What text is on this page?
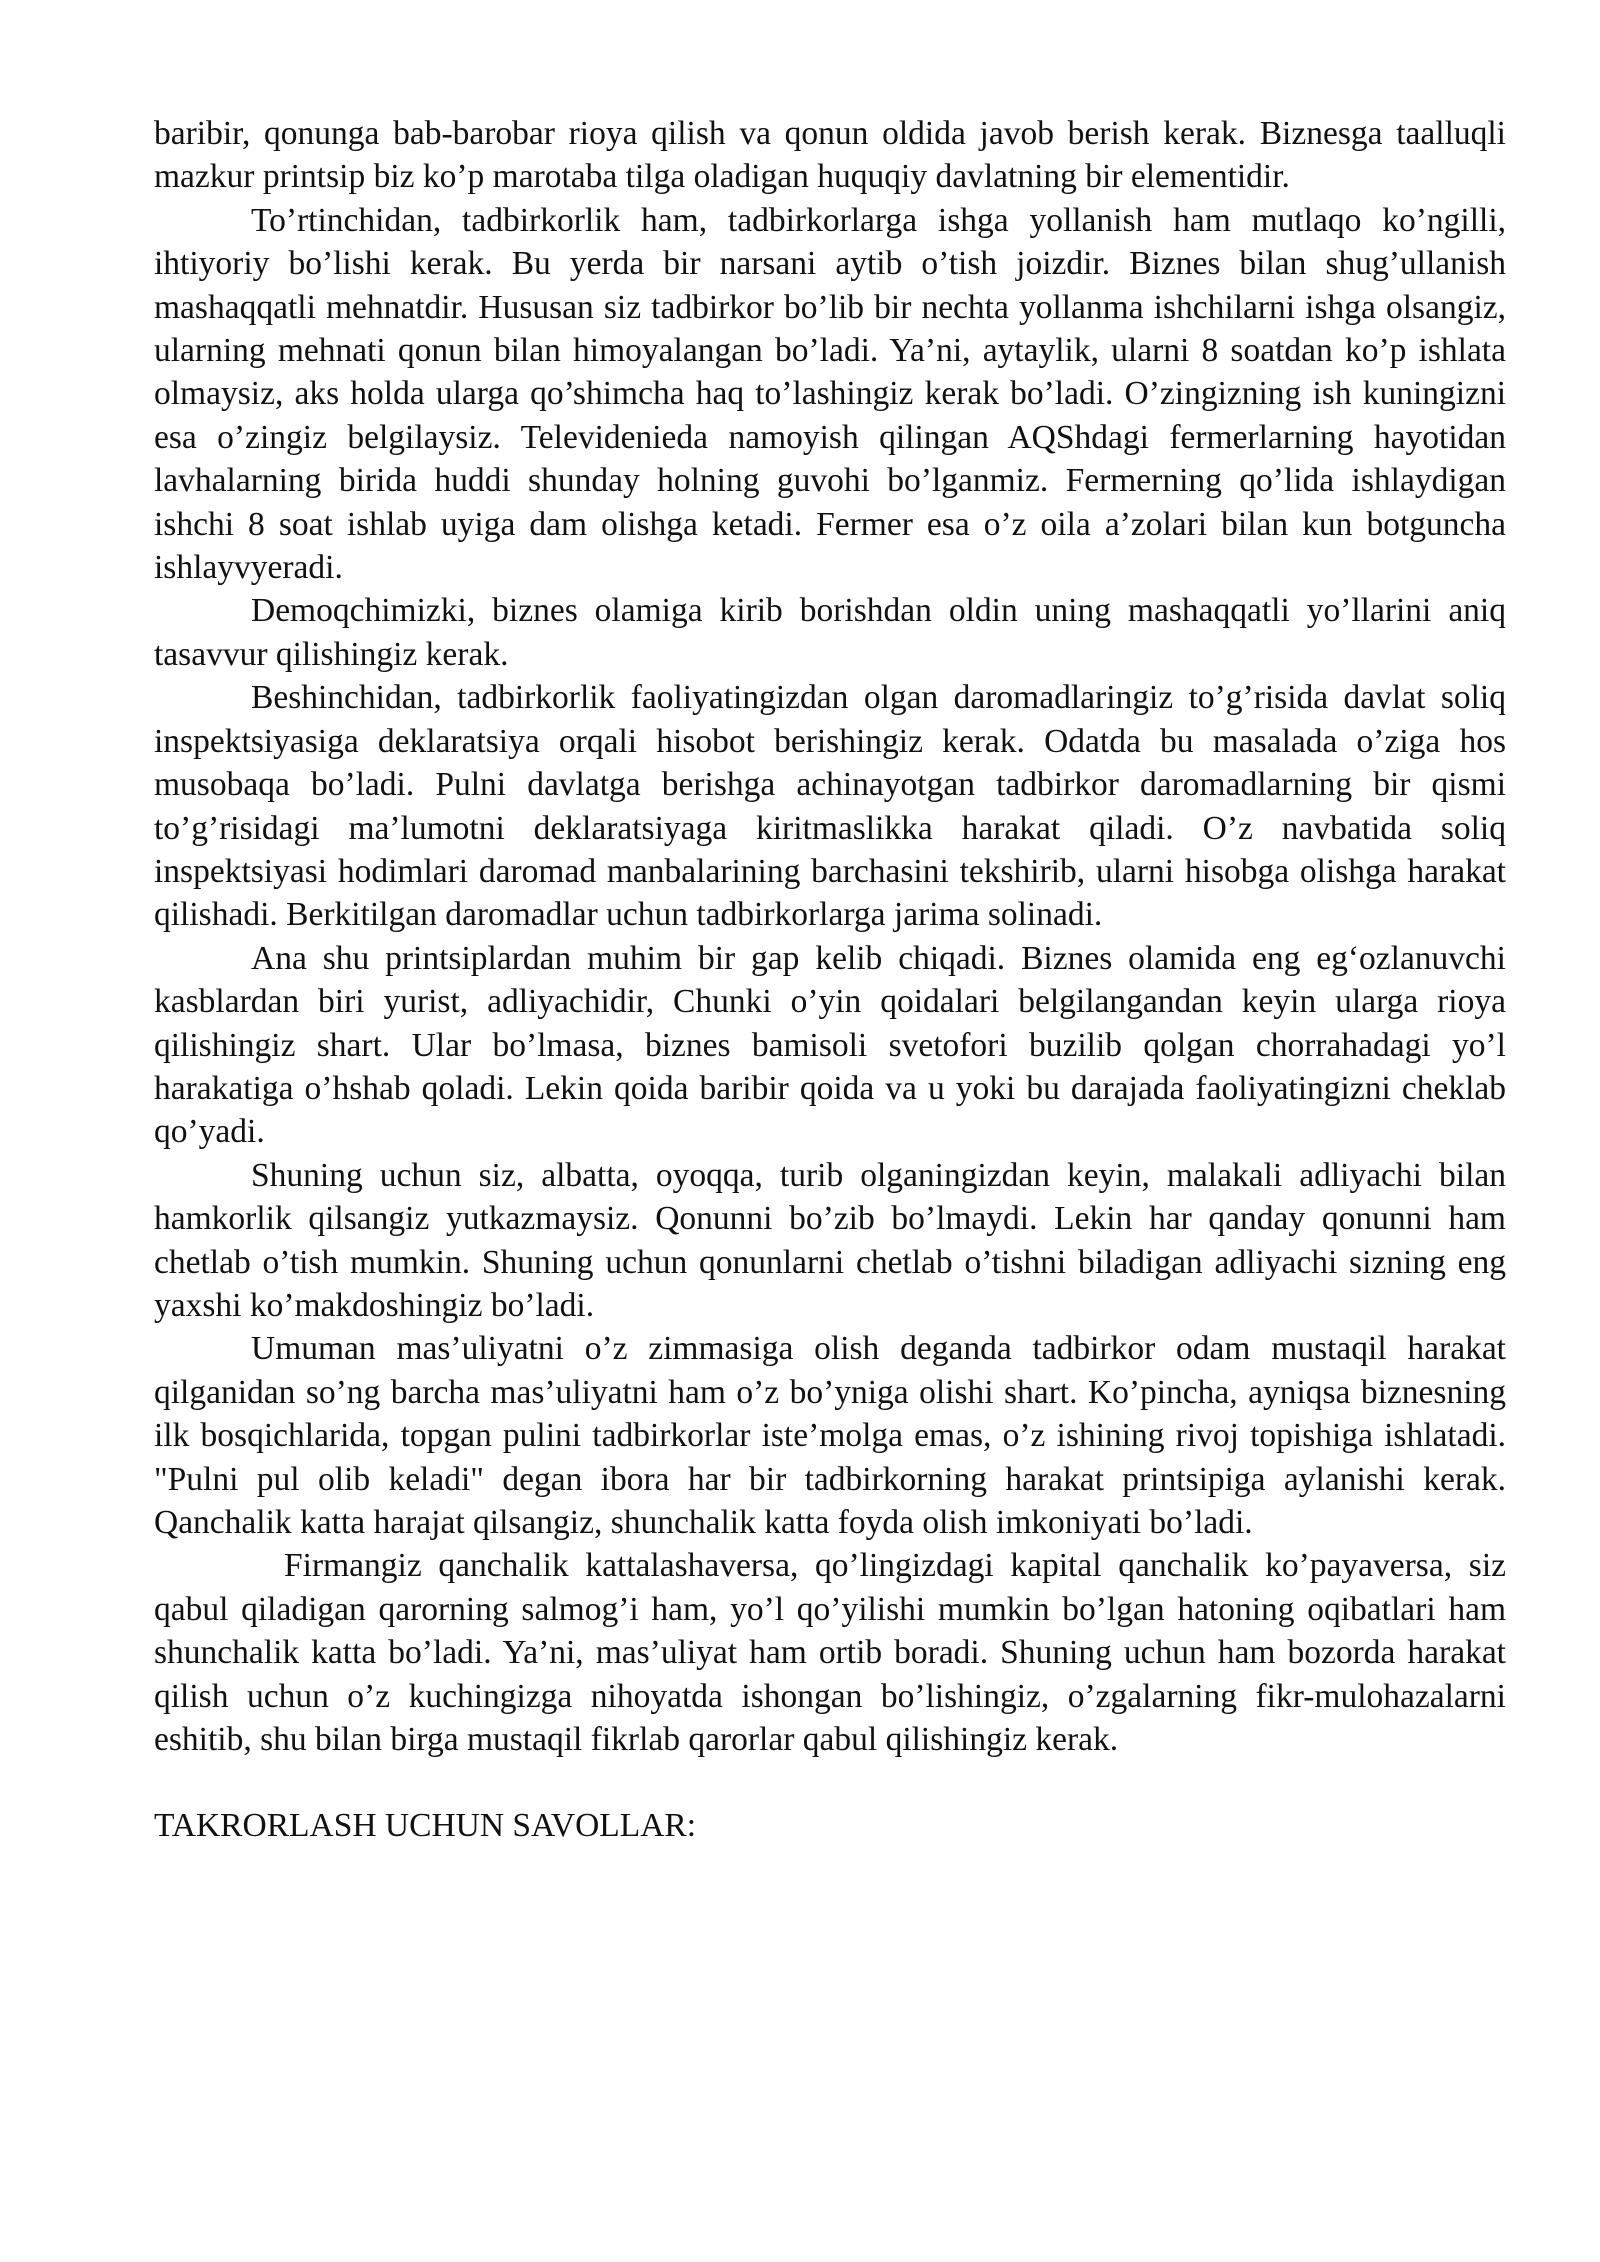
baribir, qonunga bab-barobar rioya qilish va qonun oldida javob berish kerak. Biznesga taalluqli mazkur printsip biz ko’p marotaba tilga oladigan huquqiy davlatning bir elementidir.

To’rtinchidan, tadbirkorlik ham, tadbirkorlarga ishga yollanish ham mutlaqo ko’ngilli, ihtiyoriy bo’lishi kerak. Bu yerda bir narsani aytib o’tish joizdir. Biznes bilan shug’ullanish mashaqqatli mehnatdir. Hususan siz tadbirkor bo’lib bir nechta yollanma ishchilarni ishga olsangiz, ularning mehnati qonun bilan himoyalangan bo’ladi. Ya’ni, aytaylik, ularni 8 soatdan ko’p ishlata olmaysiz, aks holda ularga qo’shimcha haq to’lashingiz kerak bo’ladi. O’zingizning ish kuningizni esa o’zingiz belgilaysiz. Televidenieda namoyish qilingan AQShdagi fermerlarning hayotidan lavhalarning birida huddi shunday holning guvohi bo’lganmiz. Fermerning qo’lida ishlaydigan ishchi 8 soat ishlab uyiga dam olishga ketadi. Fermer esa o’z oila a’zolari bilan kun botguncha ishlayvyeradi.

Demoqchimizki, biznes olamiga kirib borishdan oldin uning mashaqqatli yo’llarini aniq tasavvur qilishingiz kerak.

Beshinchidan, tadbirkorlik faoliyatingizdan olgan daromadlaringiz to’g’risida davlat soliq inspektsiyasiga deklaratsiya orqali hisobot berishingiz kerak. Odatda bu masalada o’ziga hos musobaqa bo’ladi. Pulni davlatga berishga achinayotgan tadbirkor daromadlarning bir qismi to’g’risidagi ma’lumotni deklaratsiyaga kiritmaslikka harakat qiladi. O’z navbatida soliq inspektsiyasi hodimlari daromad manbalarining barchasini tekshirib, ularni hisobga olishga harakat qilishadi. Berkitilgan daromadlar uchun tadbirkorlarga jarima solinadi.

Ana shu printsiplardan muhim bir gap kelib chiqadi. Biznes olamida eng eg‘ozlanuvchi kasblardan biri yurist, adliyachidir, Chunki o’yin qoidalari belgilangandan keyin ularga rioya qilishingiz shart. Ular bo’lmasa, biznes bamisoli svetofori buzilib qolgan chorrahadagi yo’l harakatiga o’hshab qoladi. Lekin qoida baribir qoida va u yoki bu darajada faoliyatingizni cheklab qo’yadi.

Shuning uchun siz, albatta, oyoqqa, turib olganingizdan keyin, malakali adliyachi bilan hamkorlik qilsangiz yutkazmaysiz. Qonunni bo’zib bo’lmaydi. Lekin har qanday qonunni ham chetlab o’tish mumkin. Shuning uchun qonunlarni chetlab o’tishni biladigan adliyachi sizning eng yaxshi ko’makdoshingiz bo’ladi.

Umuman mas’uliyatni o’z zimmasiga olish deganda tadbirkor odam mustaqil harakat qilganidan so’ng barcha mas’uliyatni ham o’z bo’yniga olishi shart. Ko’pincha, ayniqsa biznesning ilk bosqichlarida, topgan pulini tadbirkorlar iste’molga emas, o’z ishining rivoj topishiga ishlatadi. "Pulni pul olib keladi" degan ibora har bir tadbirkorning harakat printsipiga aylanishi kerak. Qanchalik katta harajat qilsangiz, shunchalik katta foyda olish imkoniyati bo’ladi.

Firmangiz qanchalik kattalashaversa, qo’lingizdagi kapital qanchalik ko’payaversa, siz qabul qiladigan qarorning salmog’i ham, yo’l qo’yilishi mumkin bo’lgan hatoning oqibatlari ham shunchalik katta bo’ladi. Ya’ni, mas’uliyat ham ortib boradi. Shuning uchun ham bozorda harakat qilish uchun o’z kuchingizga nihoyatda ishongan bo’lishingiz, o’zgalarning fikr-mulohazalarni eshitib, shu bilan birga mustaqil fikrlab qarorlar qabul qilishingiz kerak.

TAKRORLASH UCHUN SAVOLLAR:
